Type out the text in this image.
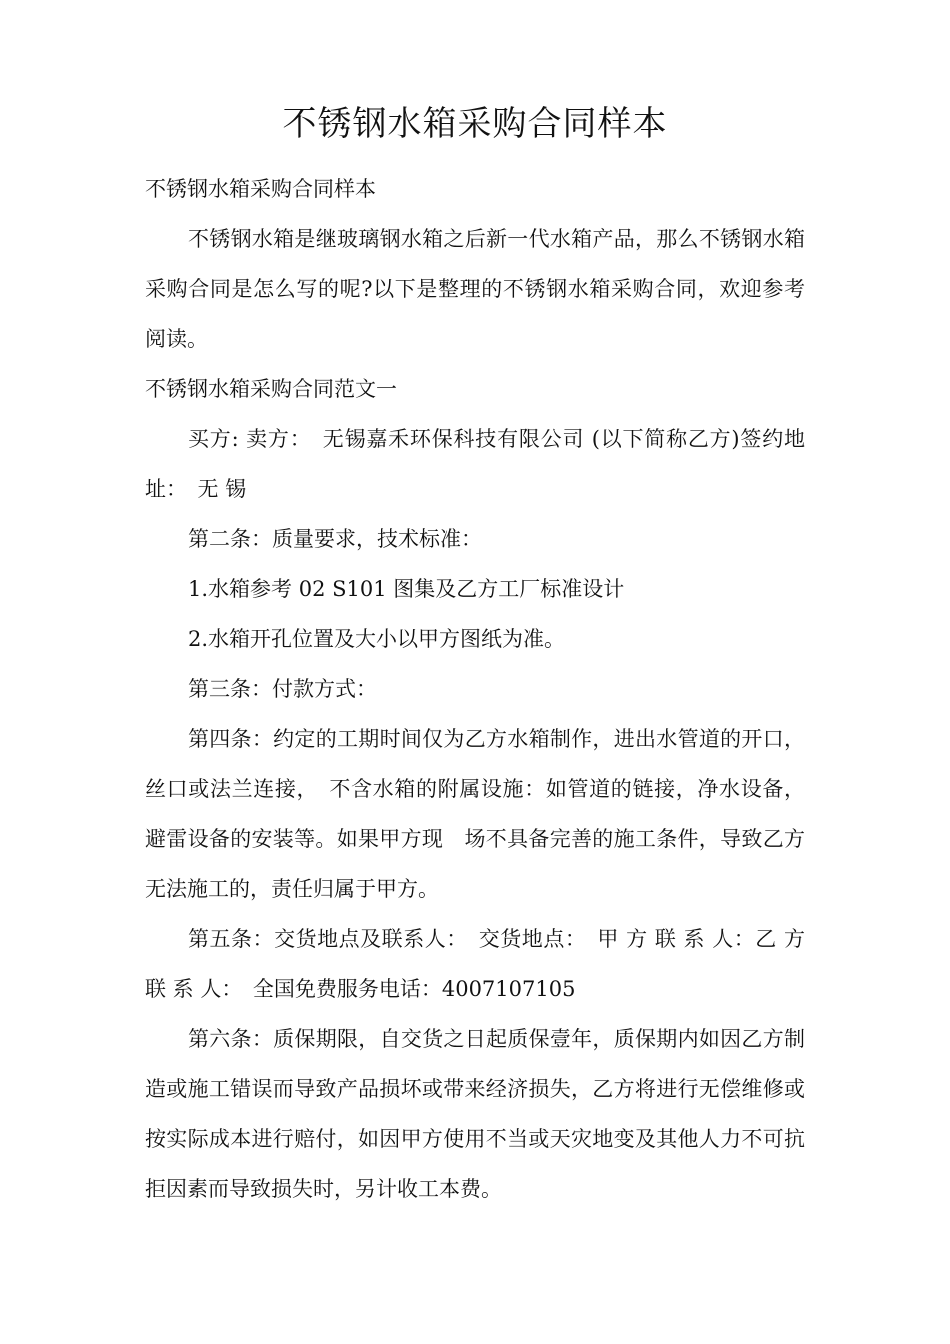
不锈钢水箱采购合同样本

不锈钢水箱采购合同样本

不锈钢水箱是继玻璃钢水箱之后新一代水箱产品，那么不锈钢水箱采购合同是怎么写的呢?以下是整理的不锈钢水箱采购合同，欢迎参考阅读。

不锈钢水箱采购合同范文一

买方: 卖方：　无锡嘉禾环保科技有限公司 (以下简称乙方)签约地址：　无 锡

第二条：质量要求，技术标准：

1.水箱参考 02 S101 图集及乙方工厂标准设计

2.水箱开孔位置及大小以甲方图纸为准。

第三条：付款方式：

第四条：约定的工期时间仅为乙方水箱制作，进出水管道的开口，丝口或法兰连接，　不含水箱的附属设施：如管道的链接，净水设备，避雷设备的安装等。如果甲方现　场不具备完善的施工条件，导致乙方无法施工的，责任归属于甲方。

第五条：交货地点及联系人：　交货地点：　甲 方 联 系 人：乙 方 联 系 人：　全国免费服务电话：4007107105

第六条：质保期限，自交货之日起质保壹年，质保期内如因乙方制造或施工错误而导致产品损坏或带来经济损失，乙方将进行无偿维修或按实际成本进行赔付，如因甲方使用不当或天灾地变及其他人力不可抗拒因素而导致损失时，另计收工本费。
